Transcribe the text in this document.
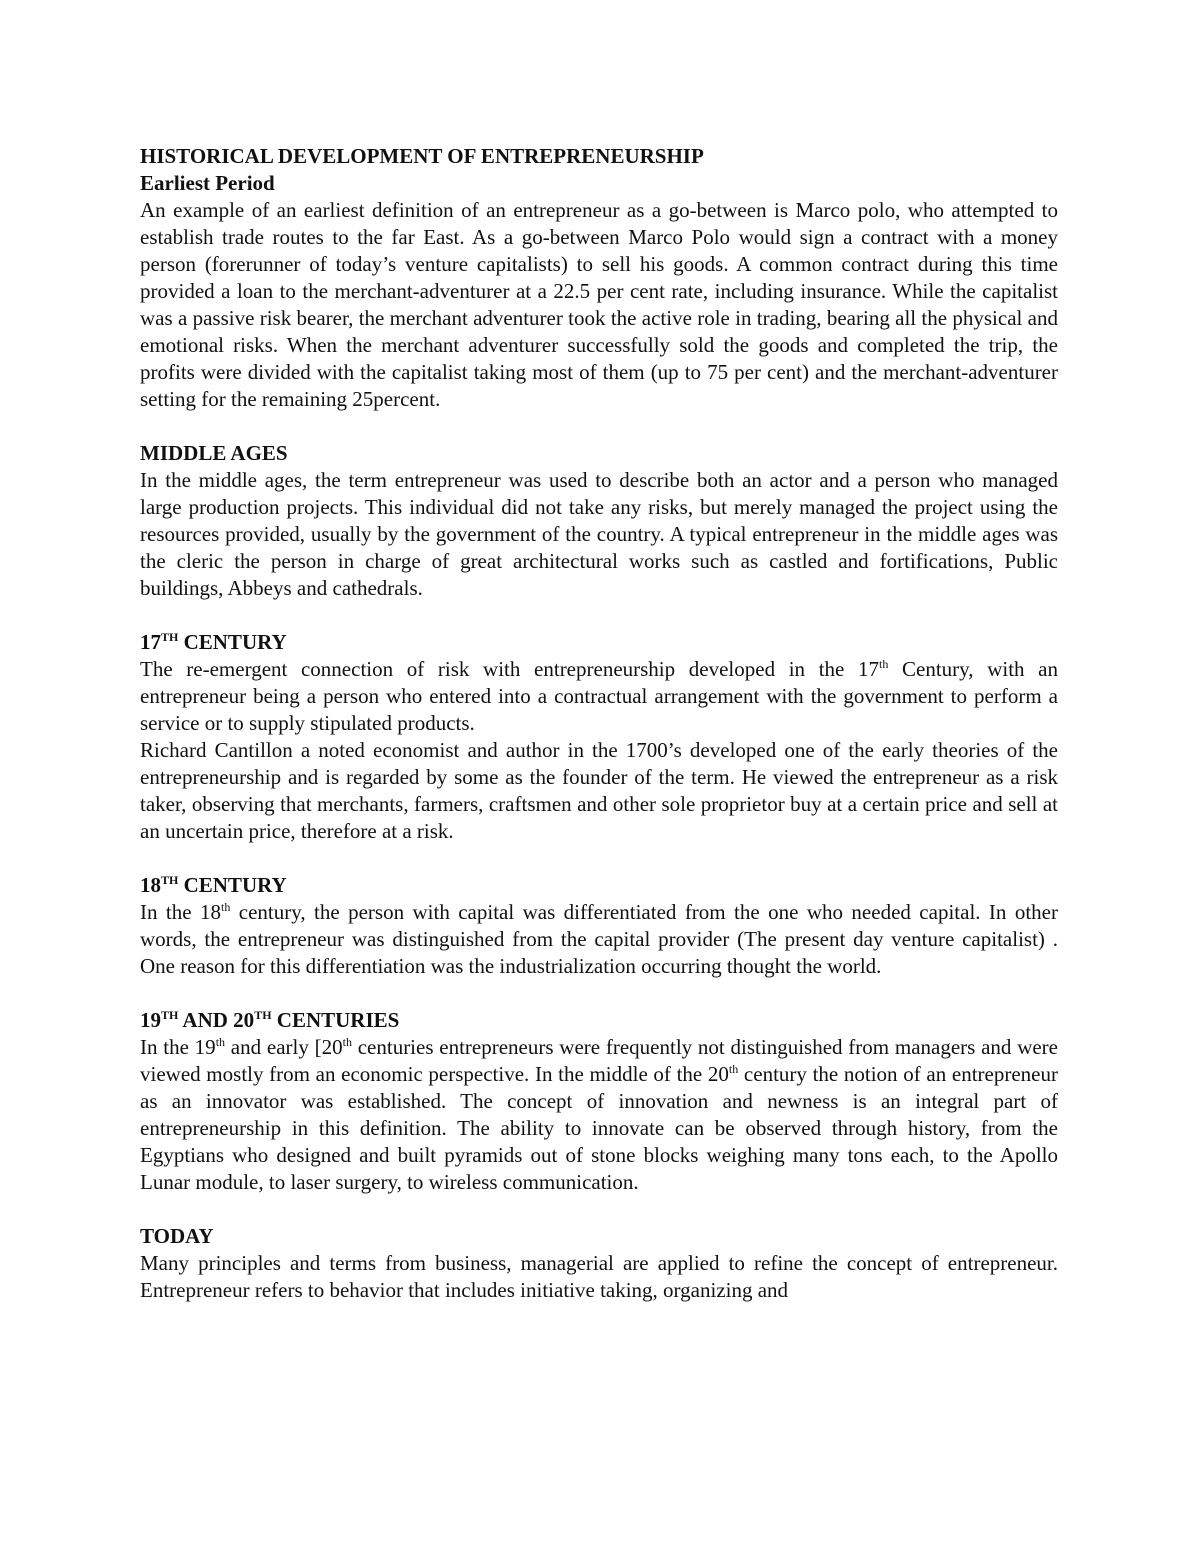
HISTORICAL DEVELOPMENT OF ENTREPRENEURSHIP
Earliest Period
An example of an earliest definition of an entrepreneur as a go-between is Marco polo, who attempted to establish trade routes to the far East. As a go-between Marco Polo would sign a contract with a money person (forerunner of today’s venture capitalists) to sell his goods. A common contract during this time provided a loan to the merchant-adventurer at a 22.5 per cent rate, including insurance. While the capitalist was a passive risk bearer, the merchant adventurer took the active role in trading, bearing all the physical and emotional risks. When the merchant adventurer successfully sold the goods and completed the trip, the profits were divided with the capitalist taking most of them (up to 75 per cent) and the merchant-adventurer setting for the remaining 25percent.
MIDDLE AGES
In the middle ages, the term entrepreneur was used to describe both an actor and a person who managed large production projects. This individual did not take any risks, but merely managed the project using the resources provided, usually by the government of the country. A typical entrepreneur in the middle ages was the cleric the person in charge of great architectural works such as castled and fortifications, Public buildings, Abbeys and cathedrals.
17TH CENTURY
The re-emergent connection of risk with entrepreneurship developed in the 17th Century, with an entrepreneur being a person who entered into a contractual arrangement with the government to perform a service or to supply stipulated products.
Richard Cantillon a noted economist and author in the 1700’s developed one of the early theories of the entrepreneurship and is regarded by some as the founder of the term. He viewed the entrepreneur as a risk taker, observing that merchants, farmers, craftsmen and other sole proprietor buy at a certain price and sell at an uncertain price, therefore at a risk.
18TH CENTURY
In the 18th century, the person with capital was differentiated from the one who needed capital. In other words, the entrepreneur was distinguished from the capital provider (The present day venture capitalist) . One reason for this differentiation was the industrialization occurring thought the world.
19TH AND 20TH CENTURIES
In the 19th and early [20th centuries entrepreneurs were frequently not distinguished from managers and were viewed mostly from an economic perspective. In the middle of the 20th century the notion of an entrepreneur as an innovator was established. The concept of innovation and newness is an integral part of entrepreneurship in this definition. The ability to innovate can be observed through history, from the Egyptians who designed and built pyramids out of stone blocks weighing many tons each, to the Apollo Lunar module, to laser surgery, to wireless communication.
TODAY
Many principles and terms from business, managerial are applied to refine the concept of entrepreneur. Entrepreneur refers to behavior that includes initiative taking, organizing and
